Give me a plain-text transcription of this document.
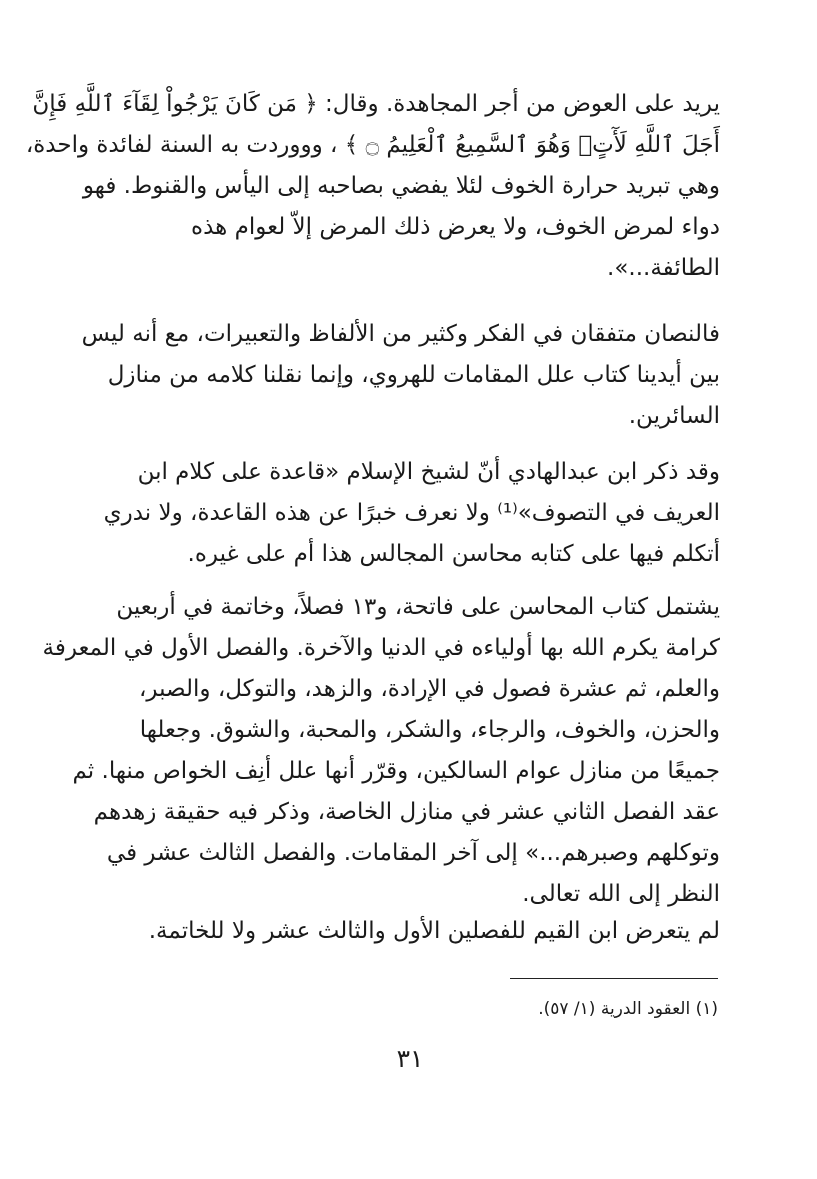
يريد على العوض من أجر المجاهدة. وقال: ﴿ مَن كَانَ يَرْجُواْ لِقَآءَ ٱللَّهِ فَإِنَّ
أَجَلَ ٱللَّهِ لَأٓتٍۚ وَهُوَ ٱلسَّمِيعُ ٱلْعَلِيمُ ۝ ﴾ ، وووردت به السنة لفائدة واحدة،
وهي تبريد حرارة الخوف لئلا يفضي بصاحبه إلى اليأس والقنوط. فهو
دواء لمرض الخوف، ولا يعرض ذلك المرض إلاّ لعوام هذه
الطائفة...».
فالنصان متفقان في الفكر وكثير من الألفاظ والتعبيرات، مع أنه ليس
بين أيدينا كتاب علل المقامات للهروي، وإنما نقلنا كلامه من منازل
السائرين.
وقد ذكر ابن عبدالهادي أنّ لشيخ الإسلام «قاعدة على كلام ابن
العريف في التصوف»⁽¹⁾ ولا نعرف خبرًا عن هذه القاعدة، ولا ندري
أتكلم فيها على كتابه محاسن المجالس هذا أم على غيره.
يشتمل كتاب المحاسن على فاتحة، و١٣ فصلاً، وخاتمة في أربعين
كرامة يكرم الله بها أولياءه في الدنيا والآخرة. والفصل الأول في المعرفة
والعلم، ثم عشرة فصول في الإرادة، والزهد، والتوكل، والصبر،
والحزن، والخوف، والرجاء، والشكر، والمحبة، والشوق. وجعلها
جميعًا من منازل عوام السالكين، وقرّر أنها علل أنِف الخواص منها. ثم
عقد الفصل الثاني عشر في منازل الخاصة، وذكر فيه حقيقة زهدهم
وتوكلهم وصبرهم...» إلى آخر المقامات. والفصل الثالث عشر في
النظر إلى الله تعالى.
لم يتعرض ابن القيم للفصلين الأول والثالث عشر ولا للخاتمة.
(١) العقود الدرية (١/ ٥٧).
٣١
